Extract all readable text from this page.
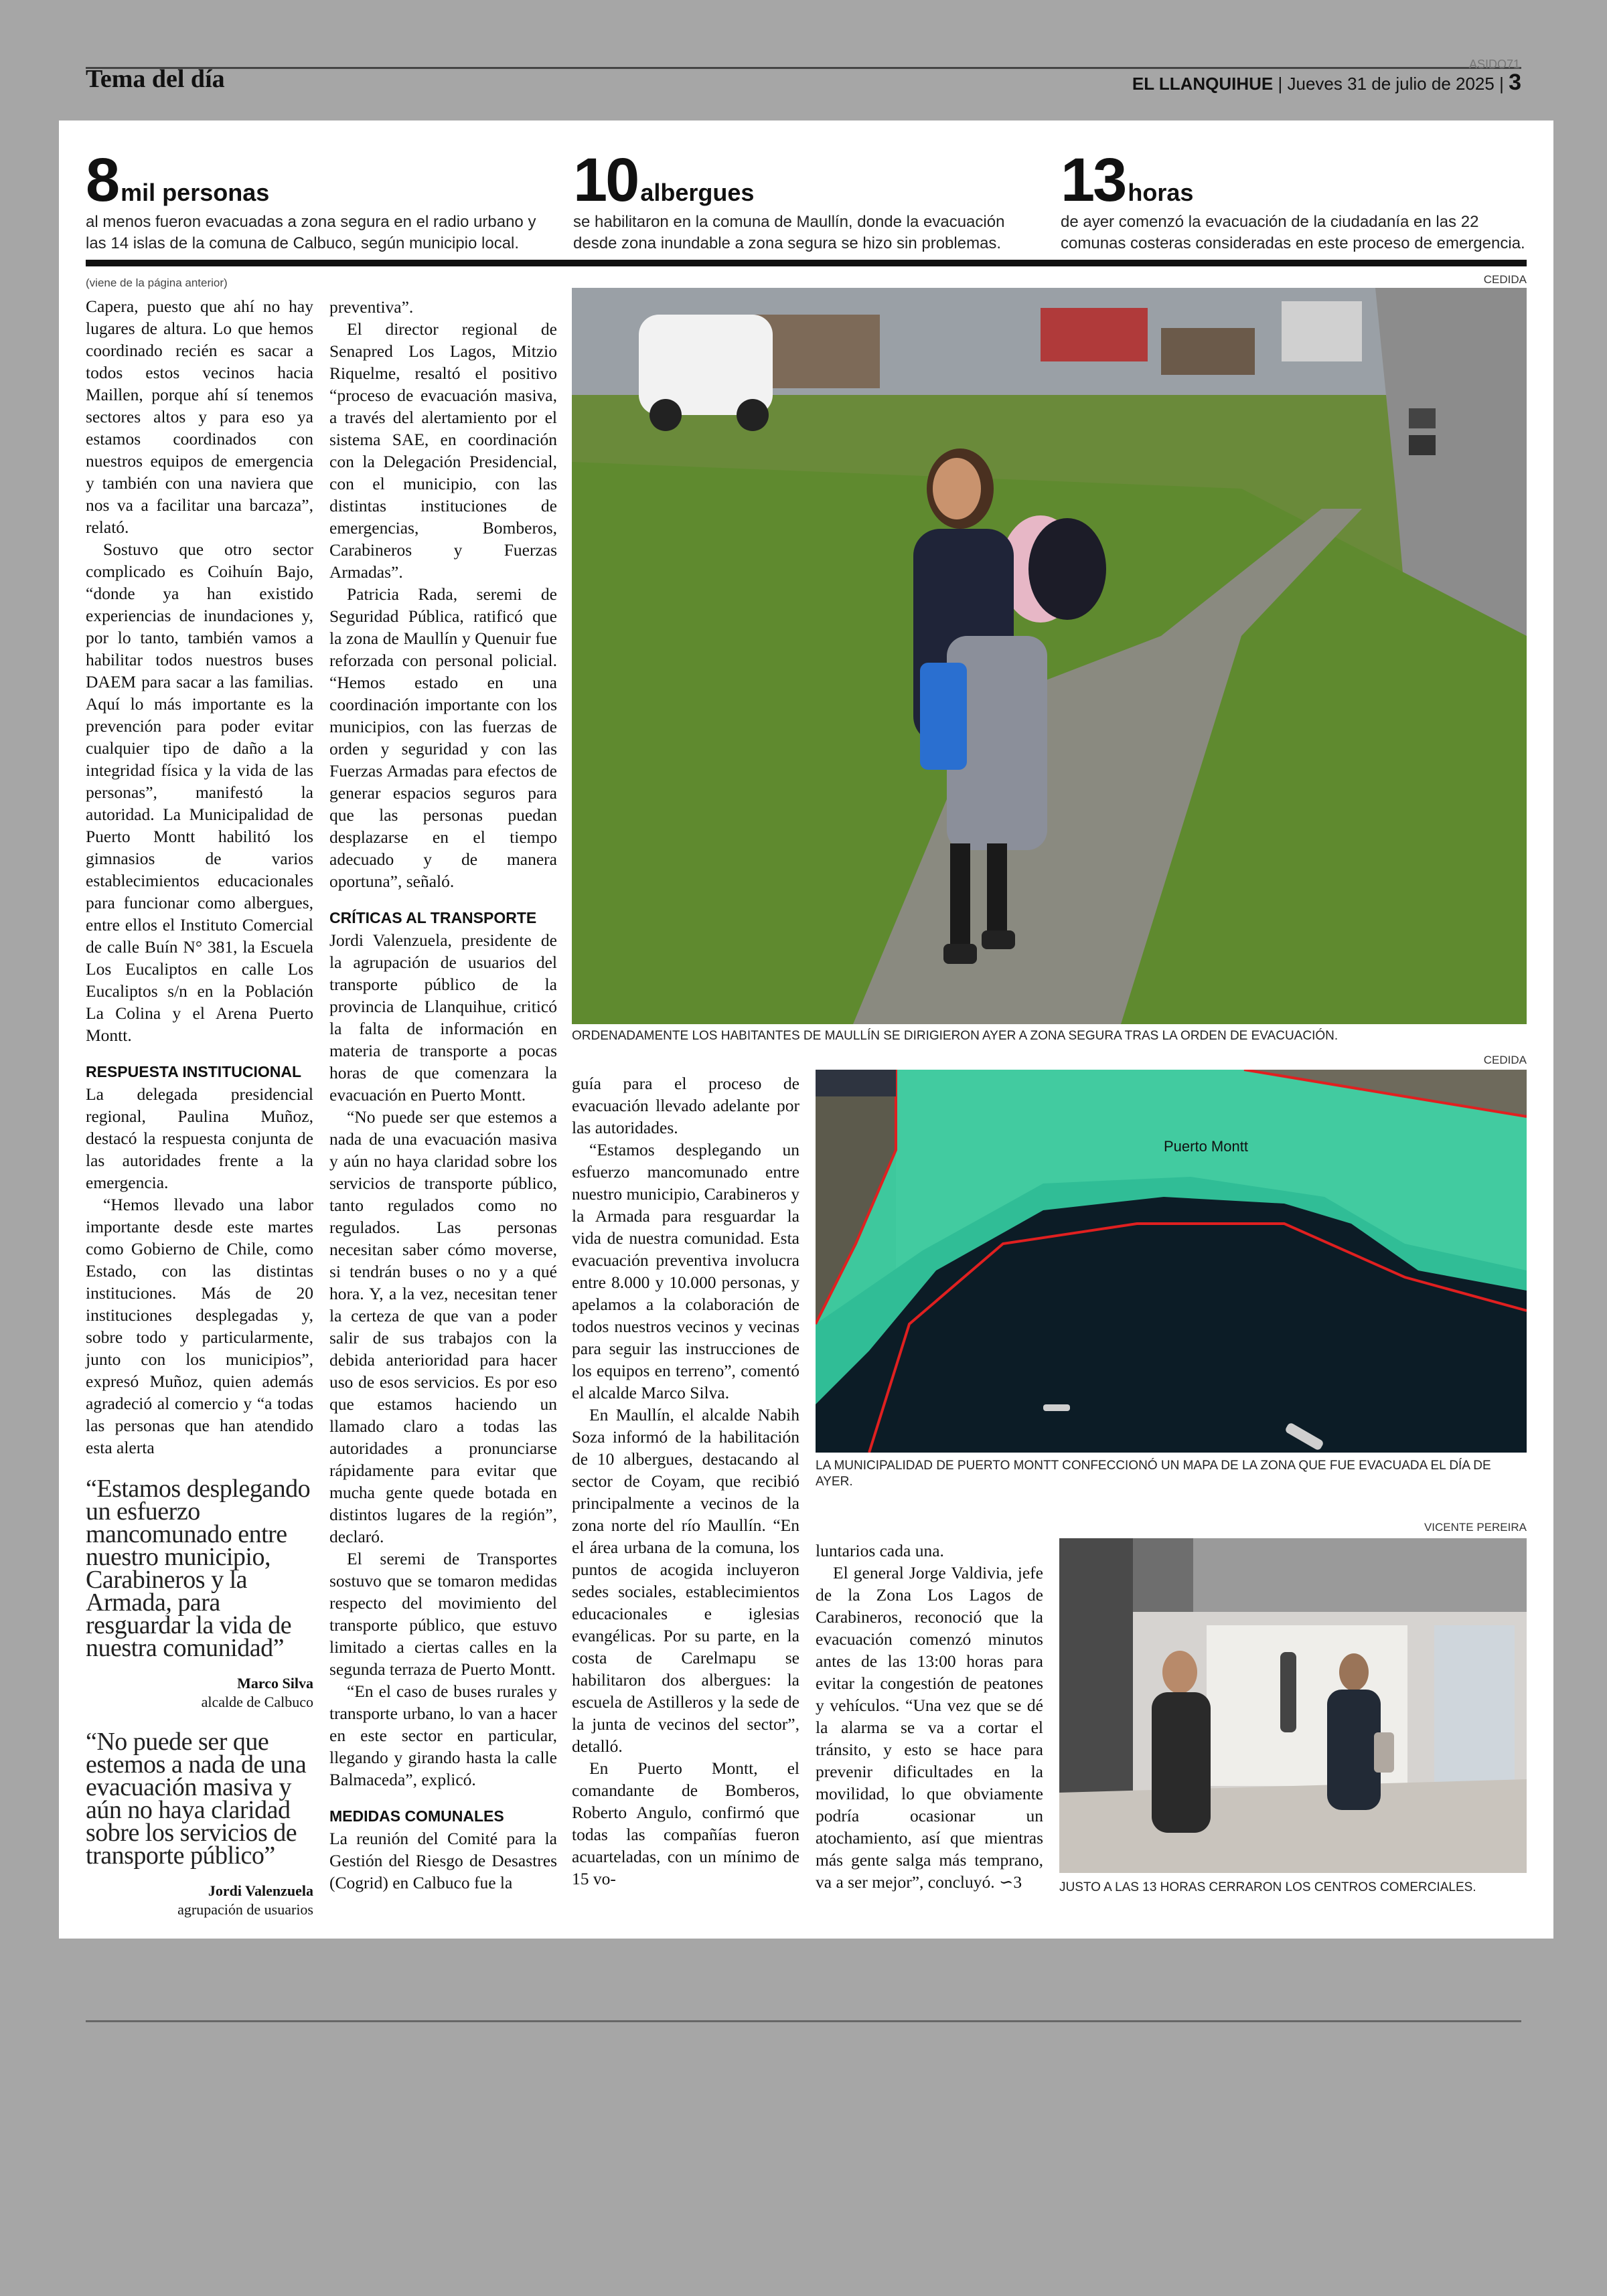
Tema del día
ASIDO71
EL LLANQUIHUE | Jueves 31 de julio de 2025 | 3
8 mil personas
al menos fueron evacuadas a zona segura en el radio urbano y las 14 islas de la comuna de Calbuco, según municipio local.
10 albergues
se habilitaron en la comuna de Maullín, donde la evacuación desde zona inundable a zona segura se hizo sin problemas.
13 horas
de ayer comenzó la evacuación de la ciudadanía en las 22 comunas costeras consideradas en este proceso de emergencia.
(viene de la página anterior)

Capera, puesto que ahí no hay lugares de altura. Lo que hemos coordinado recién es sacar a todos estos vecinos hacia Maillen, porque ahí sí tenemos sectores altos y para eso ya estamos coordinados con nuestros equipos de emergencia y también con una naviera que nos va a facilitar una barcaza”, relató.

Sostuvo que otro sector complicado es Coihuín Bajo, “donde ya han existido experiencias de inundaciones y, por lo tanto, también vamos a habilitar todos nuestros buses DAEM para sacar a las familias. Aquí lo más importante es la prevención para poder evitar cualquier tipo de daño a la integridad física y la vida de las personas”, manifestó la autoridad. La Municipalidad de Puerto Montt habilitó los gimnasios de varios establecimientos educacionales para funcionar como albergues, entre ellos el Instituto Comercial de calle Buín N° 381, la Escuela Los Eucaliptos en calle Los Eucaliptos s/n en la Población La Colina y el Arena Puerto Montt.

RESPUESTA INSTITUCIONAL

La delegada presidencial regional, Paulina Muñoz, destacó la respuesta conjunta de las autoridades frente a la emergencia.

“Hemos llevado una labor importante desde este martes como Gobierno de Chile, como Estado, con las distintas instituciones. Más de 20 instituciones desplegadas y, sobre todo y particularmente, junto con los municipios”, expresó Muñoz, quien además agradeció al comercio y “a todas las personas que han atendido esta alerta

“Estamos desplegando un esfuerzo mancomunado entre nuestro municipio, Carabineros y la Armada, para resguardar la vida de nuestra comunidad”
Marco Silva
alcalde de Calbuco
“No puede ser que estemos a nada de una evacuación masiva y aún no haya claridad sobre los servicios de transporte público”
Jordi Valenzuela
agrupación de usuarios

preventiva”.

El director regional de Senapred Los Lagos, Mitzio Riquelme, resaltó el positivo “proceso de evacuación masiva, a través del alertamiento por el sistema SAE, en coordinación con la Delegación Presidencial, con el municipio, con las distintas instituciones de emergencias, Bomberos, Carabineros y Fuerzas Armadas”.

Patricia Rada, seremi de Seguridad Pública, ratificó que la zona de Maullín y Quenuir fue reforzada con personal policial. “Hemos estado en una coordinación importante con los municipios, con las fuerzas de orden y seguridad y con las Fuerzas Armadas para efectos de generar espacios seguros para que las personas puedan desplazarse en el tiempo adecuado y de manera oportuna”, señaló.

CRÍTICAS AL TRANSPORTE

Jordi Valenzuela, presidente de la agrupación de usuarios del transporte público de la provincia de Llanquihue, criticó la falta de información en materia de transporte a pocas horas de que comenzara la evacuación en Puerto Montt.

“No puede ser que estemos a nada de una evacuación masiva y aún no haya claridad sobre los servicios de transporte público, tanto regulados como no regulados. Las personas necesitan saber cómo moverse, si tendrán buses o no y a qué hora. Y, a la vez, necesitan tener la certeza de que van a poder salir de sus trabajos con la debida anterioridad para hacer uso de esos servicios. Es por eso que estamos haciendo un llamado claro a todas las autoridades a pronunciarse rápidamente para evitar que mucha gente quede botada en distintos lugares de la región”, declaró.

El seremi de Transportes sostuvo que se tomaron medidas respecto del movimiento del transporte público, que estuvo limitado a ciertas calles en la segunda terraza de Puerto Montt.

“En el caso de buses rurales y transporte urbano, lo van a hacer en este sector en particular, llegando y girando hasta la calle Balmaceda”, explicó.

MEDIDAS COMUNALES

La reunión del Comité para la Gestión del Riesgo de Desastres (Cogrid) en Calbuco fue la

CEDIDA
ORDENADAMENTE LOS HABITANTES DE MAULLÍN SE DIRIGIERON AYER A ZONA SEGURA TRAS LA ORDEN DE EVACUACIÓN.

guía para el proceso de evacuación llevado adelante por las autoridades.

“Estamos desplegando un esfuerzo mancomunado entre nuestro municipio, Carabineros y la Armada para resguardar la vida de nuestra comunidad. Esta evacuación preventiva involucra entre 8.000 y 10.000 personas, y apelamos a la colaboración de todos nuestros vecinos y vecinas para seguir las instrucciones de los equipos en terreno”, comentó el alcalde Marco Silva.

En Maullín, el alcalde Nabih Soza informó de la habilitación de 10 albergues, destacando al sector de Coyam, que recibió principalmente a vecinos de la zona norte del río Maullín. “En el área urbana de la comuna, los puntos de acogida incluyeron sedes sociales, establecimientos educacionales e iglesias evangélicas. Por su parte, en la costa de Carelmapu se habilitaron dos albergues: la escuela de Astilleros y la sede de la junta de vecinos del sector”, detalló.

En Puerto Montt, el comandante de Bomberos, Roberto Angulo, confirmó que todas las compañías fueron acuarteladas, con un mínimo de 15 vo-

CEDIDA
Puerto Montt
LA MUNICIPALIDAD DE PUERTO MONTT CONFECCIONÓ UN MAPA DE LA ZONA QUE FUE EVACUADA EL DÍA DE AYER.
VICENTE PEREIRA

luntarios cada una.

El general Jorge Valdivia, jefe de la Zona Los Lagos de Carabineros, reconoció que la evacuación comenzó minutos antes de las 13:00 horas para evitar la congestión de peatones y vehículos. “Una vez que se dé la alarma se va a cortar el tránsito, y esto se hace para prevenir dificultades en la movilidad, lo que obviamente podría ocasionar un atochamiento, así que mientras más gente salga más temprano, va a ser mejor”, concluyó. ∽3	JUSTO A LAS 13 HORAS CERRARON LOS CENTROS COMERCIALES.
